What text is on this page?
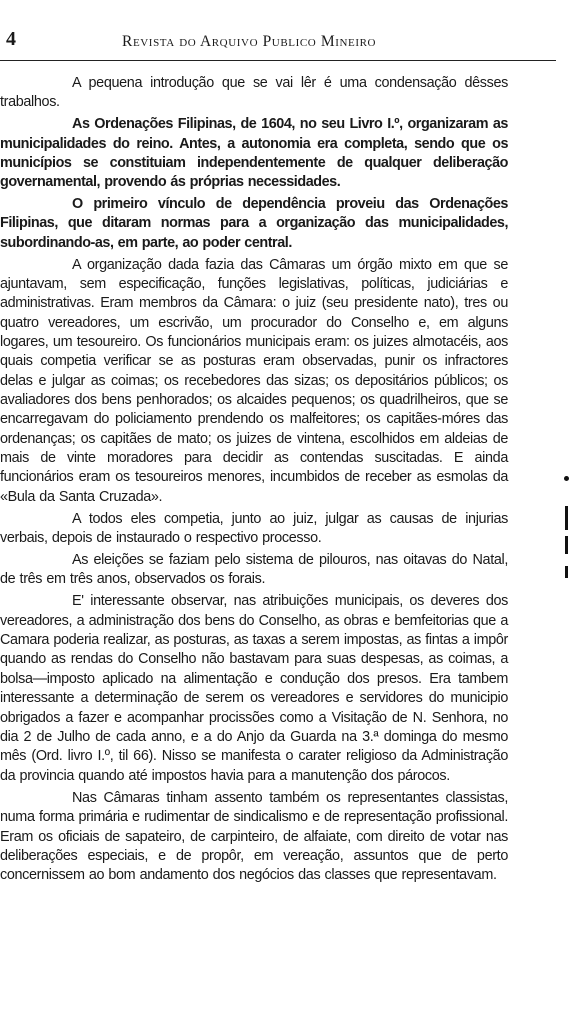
4	Revista do Arquivo Publico Mineiro

A pequena introdução que se vai lêr é uma condensação dêsses trabalhos.

As Ordenações Filipinas, de 1604, no seu Livro I.º, organizaram as municipalidades do reino. Antes, a autonomia era completa, sendo que os municípios se constituiam independentemente de qualquer deliberação governamental, provendo ás próprias necessidades.

O primeiro vínculo de dependência proveiu das Ordenações Filipinas, que ditaram normas para a organização das municipalidades, subordinando-as, em parte, ao poder central.

A organização dada fazia das Câmaras um órgão mixto em que se ajuntavam, sem especificação, funções legislativas, políticas, judiciárias e administrativas. Eram membros da Câmara: o juiz (seu presidente nato), tres ou quatro vereadores, um escrivão, um procurador do Conselho e, em alguns logares, um tesoureiro. Os funcionários municipais eram: os juizes almotacéis, aos quais competia verificar se as posturas eram observadas, punir os infractores delas e julgar as coimas; os recebedores das sizas; os depositários públicos; os avaliadores dos bens penhorados; os alcaides pequenos; os quadrilheiros, que se encarregavam do policiamento prendendo os malfeitores; os capitães-móres das ordenanças; os capitães de mato; os juizes de vintena, escolhidos em aldeias de mais de vinte moradores para decidir as contendas suscitadas. E ainda funcionários eram os tesoureiros menores, incumbidos de receber as esmolas da «Bula da Santa Cruzada».

A todos eles competia, junto ao juiz, julgar as causas de injurias verbais, depois de instaurado o respectivo processo.

As eleições se faziam pelo sistema de pilouros, nas oitavas do Natal, de três em três anos, observados os forais.

E' interessante observar, nas atribuições municipais, os deveres dos vereadores, a administração dos bens do Conselho, as obras e bemfeitorias que a Camara poderia realizar, as posturas, as taxas a serem impostas, as fintas a impôr quando as rendas do Conselho não bastavam para suas despesas, as coimas, a bolsa—imposto aplicado na alimentação e condução dos presos. Era tambem interessante a determinação de serem os vereadores e servidores do municipio obrigados a fazer e acompanhar procissões como a Visitação de N. Senhora, no dia 2 de Julho de cada anno, e a do Anjo da Guarda na 3.ª dominga do mesmo mês (Ord. livro I.º, til 66). Nisso se manifesta o carater religioso da Administração da provincia quando até impostos havia para a manutenção dos párocos.

Nas Câmaras tinham assento também os representantes classistas, numa forma primária e rudimentar de sindicalismo e de representação profissional. Eram os oficiais de sapateiro, de carpinteiro, de alfaiate, com direito de votar nas deliberações especiais, e de propôr, em vereação, assuntos que de perto concernissem ao bom andamento dos negócios das classes que representavam.
